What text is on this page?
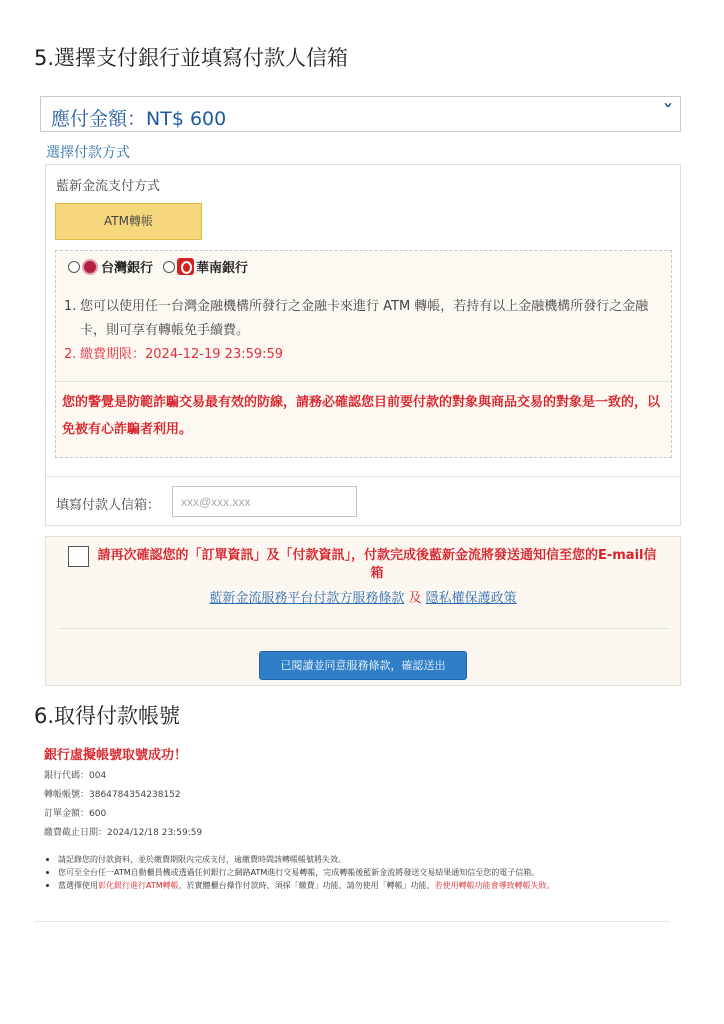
5.選擇支付銀行並填寫付款人信箱
應付金額：NT$ 600	˅
選擇付款方式
藍新金流支付方式
ATM轉帳
台灣銀行	華南銀行
1. 您可以使用任一台灣金融機構所發行之金融卡來進行 ATM 轉帳，若持有以上金融機構所發行之金融卡，則可享有轉帳免手續費。
2. 繳費期限：2024-12-19 23:59:59
您的警覺是防範詐騙交易最有效的防線，請務必確認您目前要付款的對象與商品交易的對象是一致的，以免被有心詐騙者利用。
填寫付款人信箱：
xxx@xxx.xxx
請再次確認您的「訂單資訊」及「付款資訊」，付款完成後藍新金流將發送通知信至您的E-mail信箱
藍新金流服務平台付款方服務條款 及 隱私權保護政策
已閱讀並同意服務條款，確認送出
6.取得付款帳號
銀行虛擬帳號取號成功！
銀行代碼：004
轉帳帳號：3864784354238152
訂單金額：600
繳費截止日期：2024/12/18 23:59:59
請記錄您的付款資料，並於繳費期限內完成支付，逾繳費時間該轉帳帳號將失效。
您可至全台任一ATM自動櫃員機或透過任何銀行之網路ATM進行交易轉帳，完成轉帳後藍新金流將發送交易結果通知信至您的電子信箱。
當選擇使用彰化銀行進行ATM轉帳，於實體櫃台操作付款時，須採「繳費」功能，請勿使用「轉帳」功能，若使用轉帳功能會導致轉帳失敗。
